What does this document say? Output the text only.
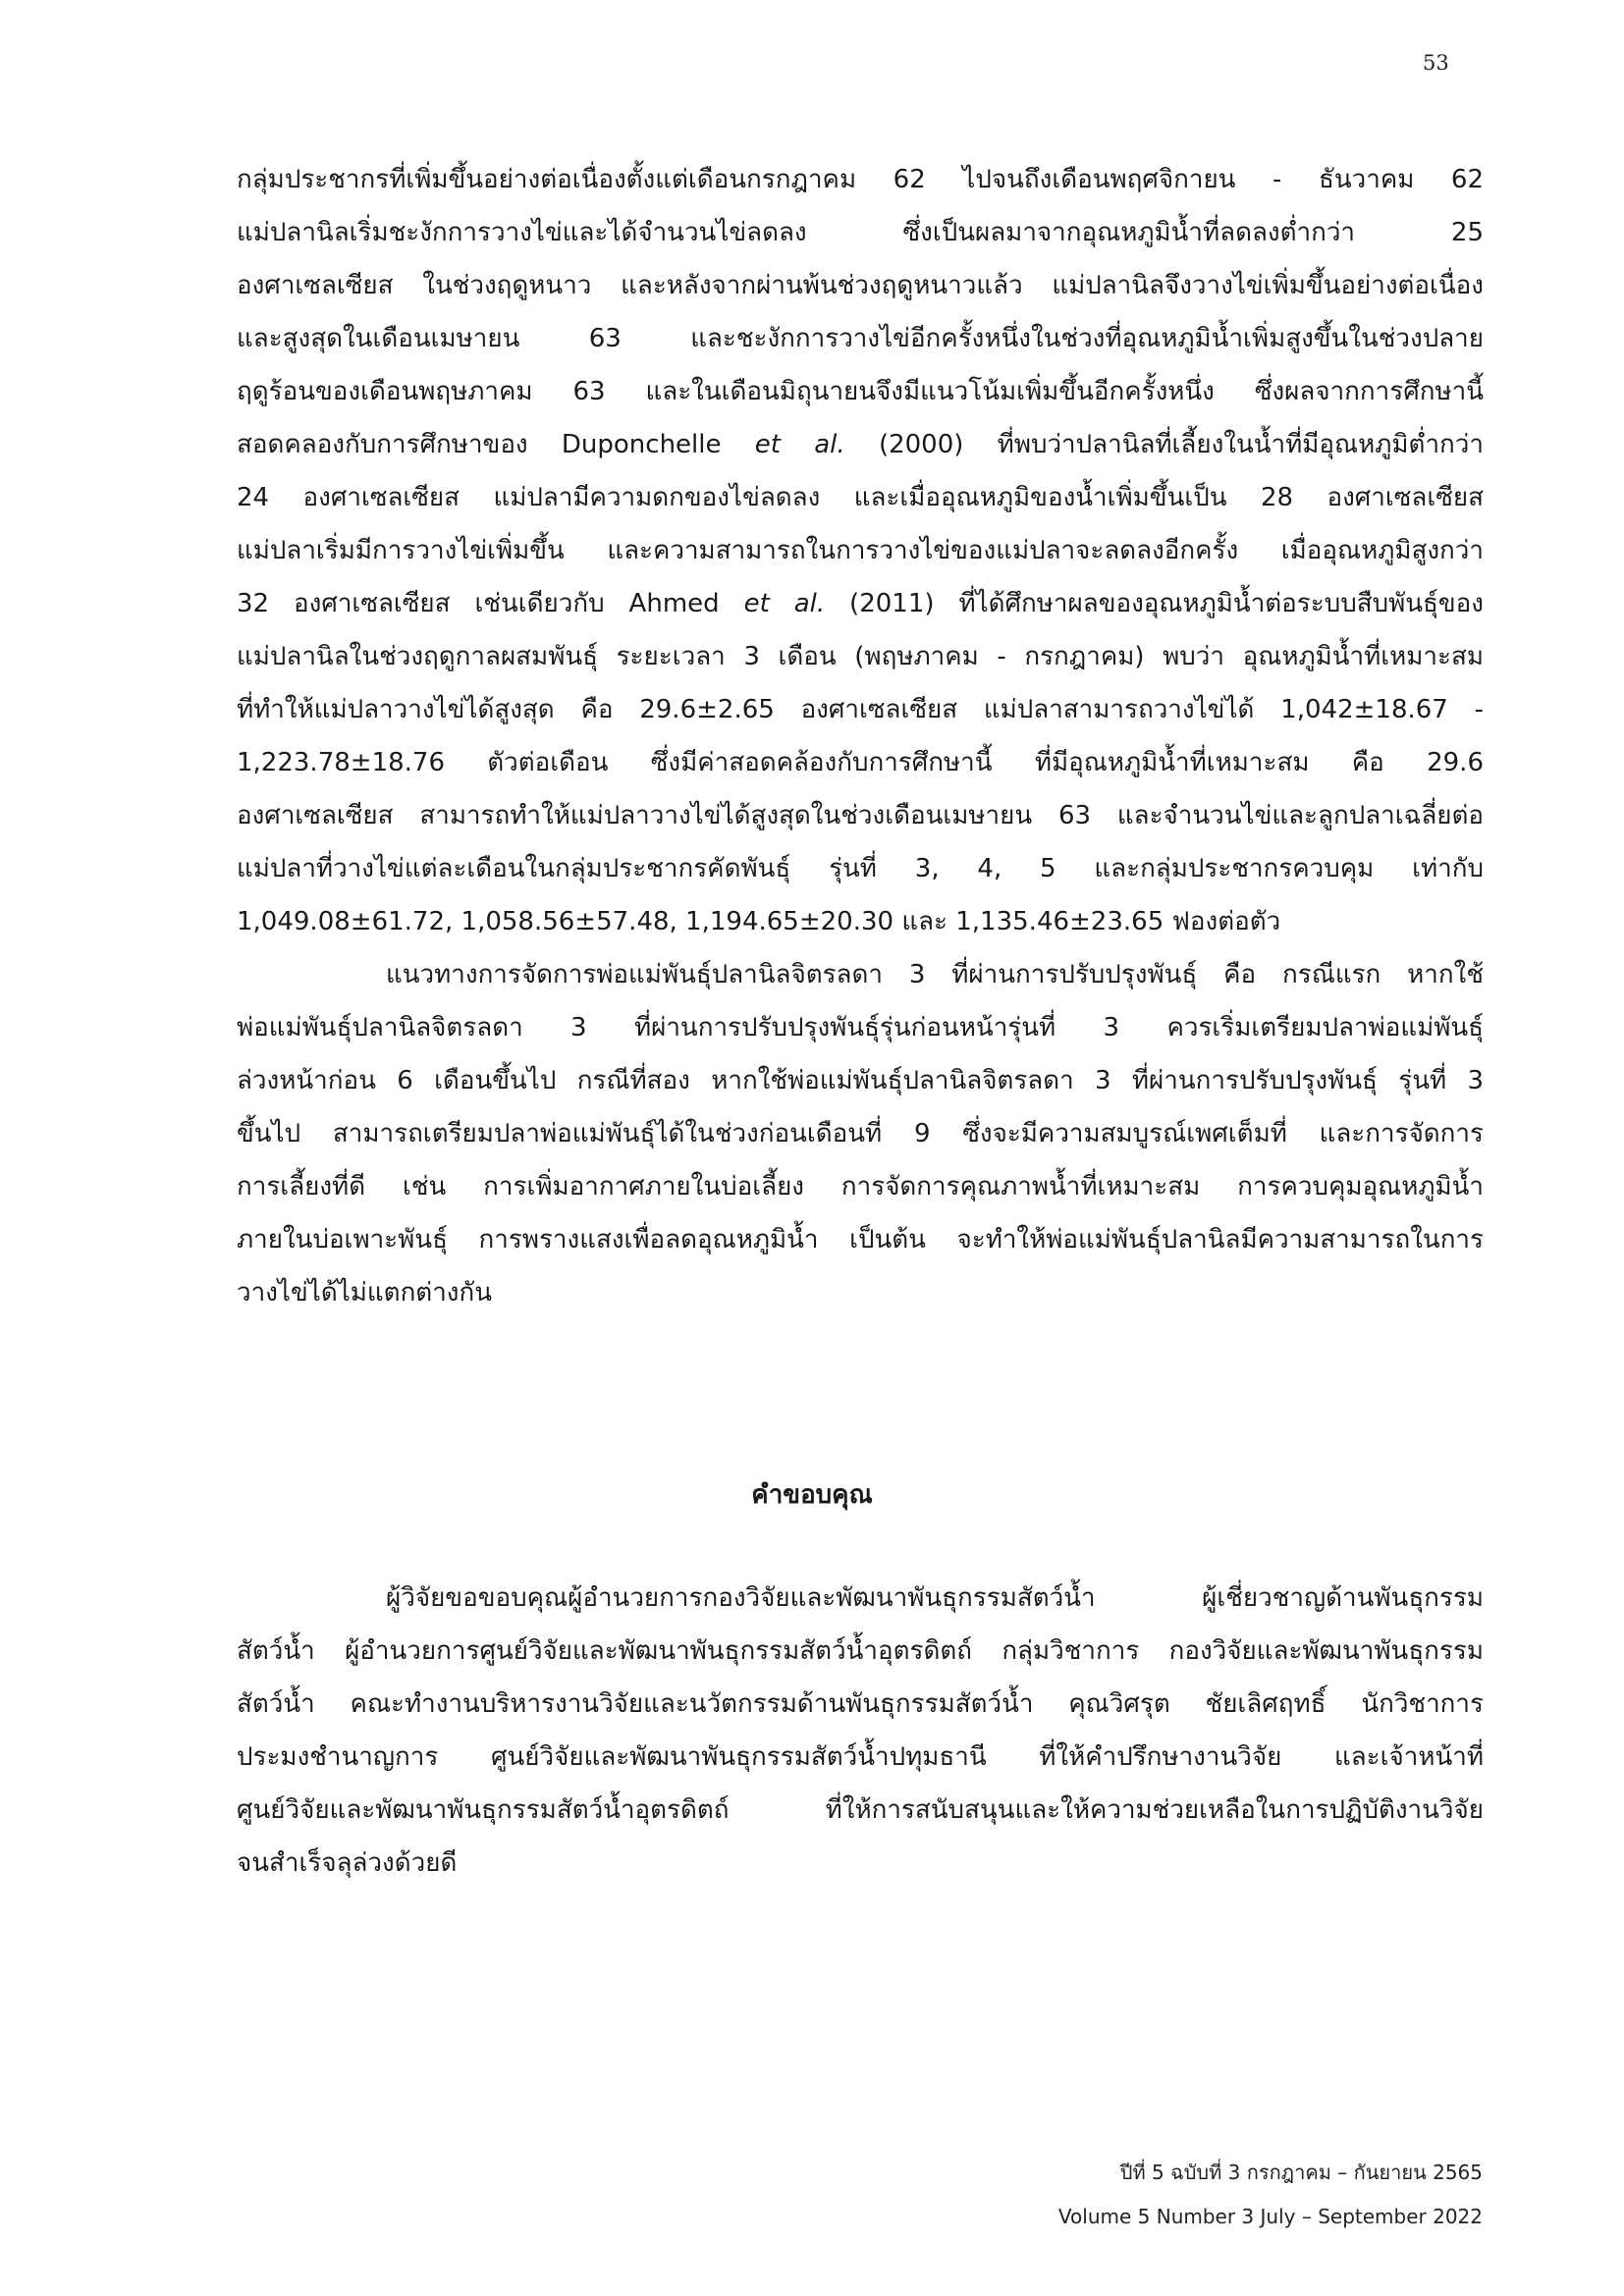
53
กลุ่มประชากรที่เพิ่มขึ้นอย่างต่อเนื่องตั้งแต่เดือนกรกฎาคม 62 ไปจนถึงเดือนพฤศจิกายน - ธันวาคม 62
แม่ปลานิลเริ่มชะงักการวางไข่และได้จำนวนไข่ลดลง ซึ่งเป็นผลมาจากอุณหภูมิน้ำที่ลดลงต่ำกว่า 25
องศาเซลเซียส ในช่วงฤดูหนาว และหลังจากผ่านพ้นช่วงฤดูหนาวแล้ว แม่ปลานิลจึงวางไข่เพิ่มขึ้นอย่างต่อเนื่อง
และสูงสุดในเดือนเมษายน 63 และชะงักการวางไข่อีกครั้งหนึ่งในช่วงที่อุณหภูมิน้ำเพิ่มสูงขึ้นในช่วงปลาย
ฤดูร้อนของเดือนพฤษภาคม 63 และในเดือนมิถุนายนจึงมีแนวโน้มเพิ่มขึ้นอีกครั้งหนึ่ง ซึ่งผลจากการศึกษานี้
สอดคลองกับการศึกษาของ Duponchelle et al. (2000) ที่พบว่าปลานิลที่เลี้ยงในน้ำที่มีอุณหภูมิต่ำกว่า
24 องศาเซลเซียส แม่ปลามีความดกของไข่ลดลง และเมื่ออุณหภูมิของน้ำเพิ่มขึ้นเป็น 28 องศาเซลเซียส
แม่ปลาเริ่มมีการวางไข่เพิ่มขึ้น และความสามารถในการวางไข่ของแม่ปลาจะลดลงอีกครั้ง เมื่ออุณหภูมิสูงกว่า
32 องศาเซลเซียส เช่นเดียวกับ Ahmed et al. (2011) ที่ได้ศึกษาผลของอุณหภูมิน้ำต่อระบบสืบพันธุ์ของ
แม่ปลานิลในช่วงฤดูกาลผสมพันธุ์ ระยะเวลา 3 เดือน (พฤษภาคม - กรกฎาคม) พบว่า อุณหภูมิน้ำที่เหมาะสม
ที่ทำให้แม่ปลาวางไข่ได้สูงสุด คือ 29.6±2.65 องศาเซลเซียส แม่ปลาสามารถวางไข่ได้ 1,042±18.67 -
1,223.78±18.76 ตัวต่อเดือน ซึ่งมีค่าสอดคล้องกับการศึกษานี้ ที่มีอุณหภูมิน้ำที่เหมาะสม คือ 29.6
องศาเซลเซียส สามารถทำให้แม่ปลาวางไข่ได้สูงสุดในช่วงเดือนเมษายน 63 และจำนวนไข่และลูกปลาเฉลี่ยต่อ
แม่ปลาที่วางไข่แต่ละเดือนในกลุ่มประชากรคัดพันธุ์ รุ่นที่ 3, 4, 5 และกลุ่มประชากรควบคุม เท่ากับ
1,049.08±61.72, 1,058.56±57.48, 1,194.65±20.30 และ 1,135.46±23.65 ฟองต่อตัว
แนวทางการจัดการพ่อแม่พันธุ์ปลานิลจิตรลดา 3 ที่ผ่านการปรับปรุงพันธุ์ คือ กรณีแรก หากใช้
พ่อแม่พันธุ์ปลานิลจิตรลดา 3 ที่ผ่านการปรับปรุงพันธุ์รุ่นก่อนหน้ารุ่นที่ 3 ควรเริ่มเตรียมปลาพ่อแม่พันธุ์
ล่วงหน้าก่อน 6 เดือนขึ้นไป กรณีที่สอง หากใช้พ่อแม่พันธุ์ปลานิลจิตรลดา 3 ที่ผ่านการปรับปรุงพันธุ์ รุ่นที่ 3
ขึ้นไป สามารถเตรียมปลาพ่อแม่พันธุ์ได้ในช่วงก่อนเดือนที่ 9 ซึ่งจะมีความสมบูรณ์เพศเต็มที่ และการจัดการ
การเลี้ยงที่ดี เช่น การเพิ่มอากาศภายในบ่อเลี้ยง การจัดการคุณภาพน้ำที่เหมาะสม การควบคุมอุณหภูมิน้ำ
ภายในบ่อเพาะพันธุ์ การพรางแสงเพื่อลดอุณหภูมิน้ำ เป็นต้น จะทำให้พ่อแม่พันธุ์ปลานิลมีความสามารถในการ
วางไข่ได้ไม่แตกต่างกัน
คำขอบคุณ
ผู้วิจัยขอขอบคุณผู้อำนวยการกองวิจัยและพัฒนาพันธุกรรมสัตว์น้ำ ผู้เชี่ยวชาญด้านพันธุกรรม
สัตว์น้ำ ผู้อำนวยการศูนย์วิจัยและพัฒนาพันธุกรรมสัตว์น้ำอุตรดิตถ์ กลุ่มวิชาการ กองวิจัยและพัฒนาพันธุกรรม
สัตว์น้ำ คณะทำงานบริหารงานวิจัยและนวัตกรรมด้านพันธุกรรมสัตว์น้ำ คุณวิศรุต ชัยเลิศฤทธิ์ นักวิชาการ
ประมงชำนาญการ ศูนย์วิจัยและพัฒนาพันธุกรรมสัตว์น้ำปทุมธานี ที่ให้คำปรึกษางานวิจัย และเจ้าหน้าที่
ศูนย์วิจัยและพัฒนาพันธุกรรมสัตว์น้ำอุตรดิตถ์ ที่ให้การสนับสนุนและให้ความช่วยเหลือในการปฏิบัติงานวิจัย
จนสำเร็จลุล่วงด้วยดี
ปีที่ 5 ฉบับที่ 3 กรกฎาคม – กันยายน 2565
Volume 5 Number 3 July – September 2022
